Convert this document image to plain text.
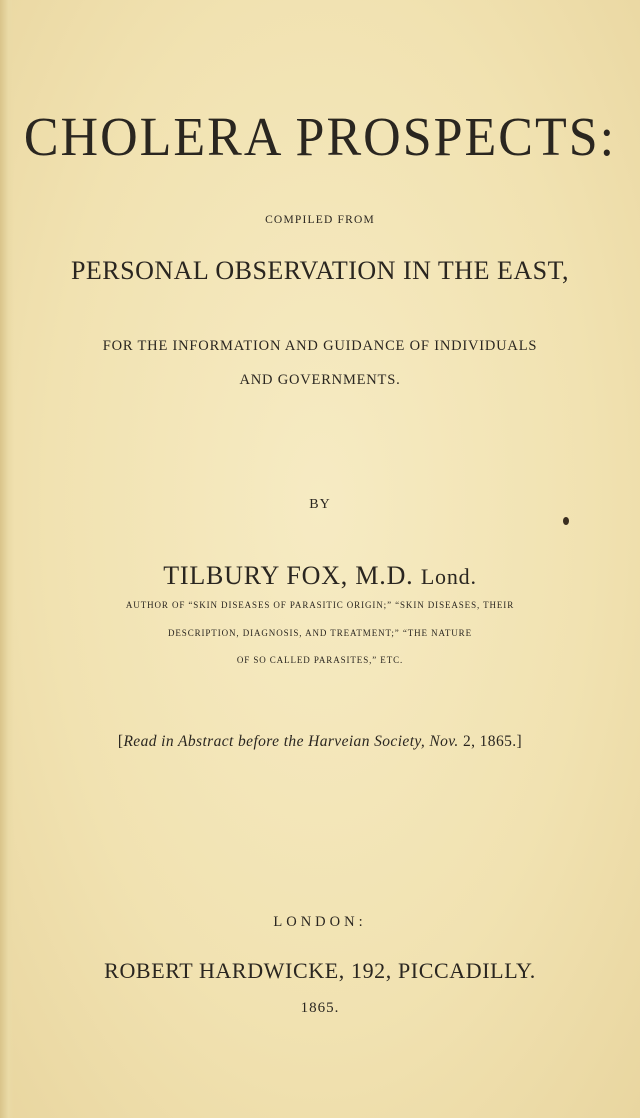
CHOLERA PROSPECTS:
COMPILED FROM
PERSONAL OBSERVATION IN THE EAST,
FOR THE INFORMATION AND GUIDANCE OF INDIVIDUALS
AND GOVERNMENTS.
BY
TILBURY FOX, M.D. Lond.
AUTHOR OF “SKIN DISEASES OF PARASITIC ORIGIN;” “SKIN DISEASES, THEIR
DESCRIPTION, DIAGNOSIS, AND TREATMENT;” “THE NATURE
OF SO CALLED PARASITES,” ETC.
[Read in Abstract before the Harveian Society, Nov. 2, 1865.]
LONDON:
ROBERT HARDWICKE, 192, PICCADILLY.
1865.
